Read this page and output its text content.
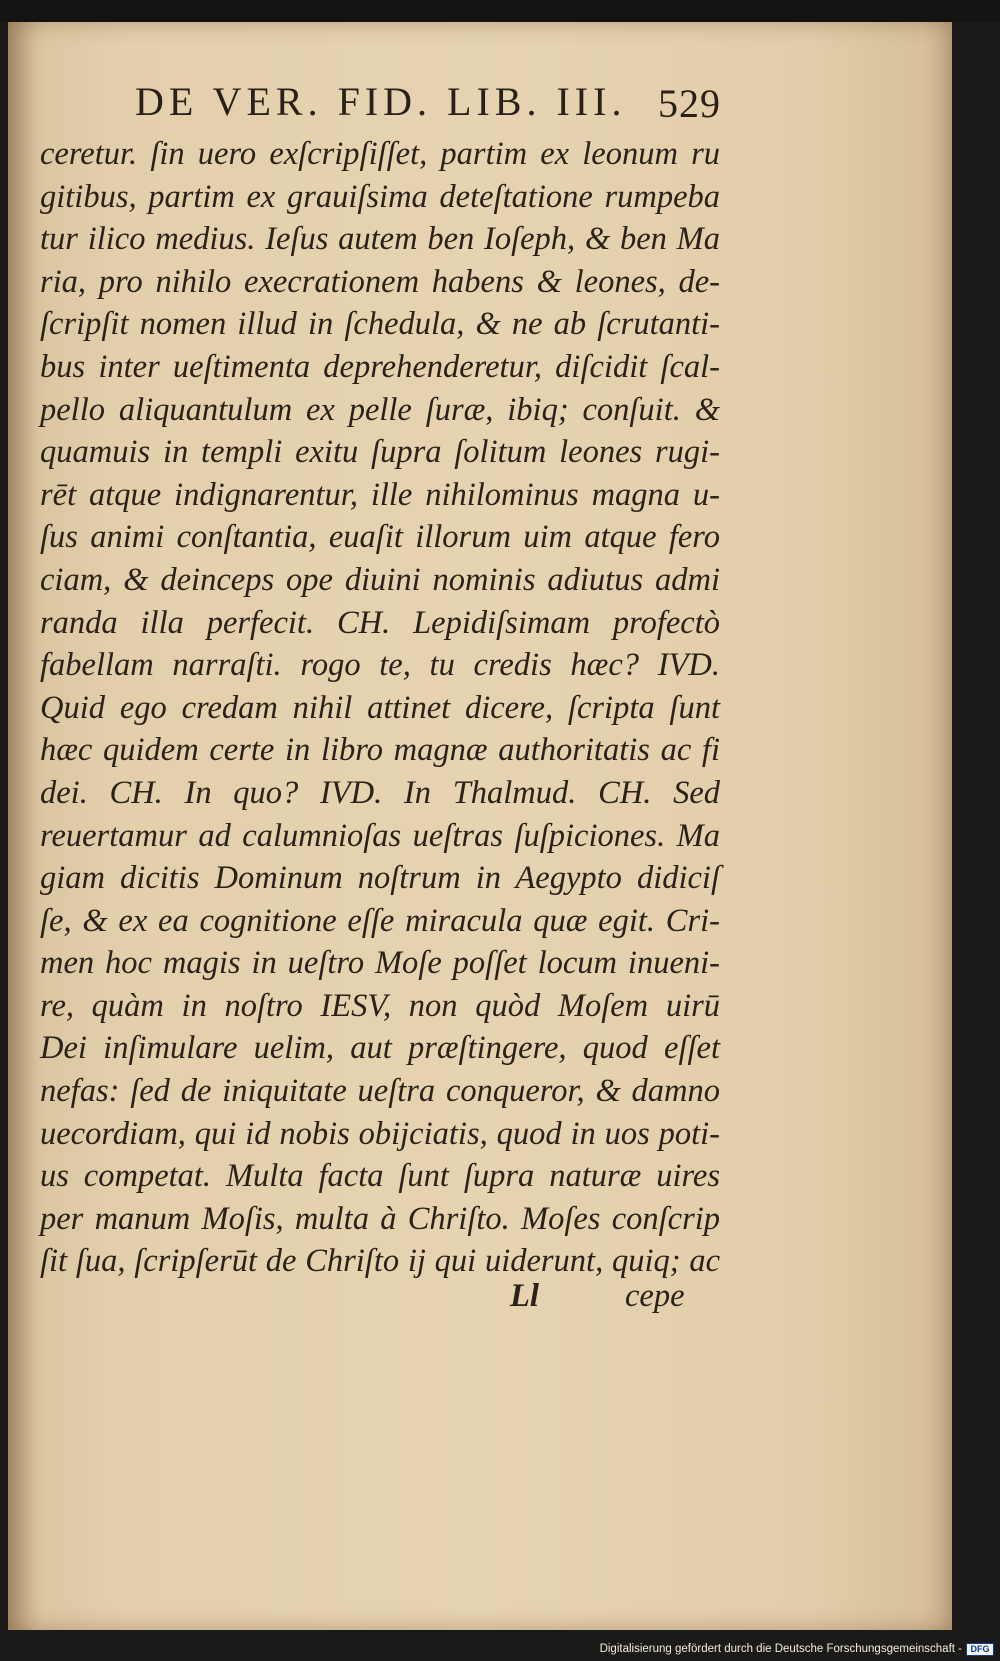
DE VER. FID. LIB. III. 529
ceretur. ſin uero exſcripſiſſet, partim ex leonum ru
gitibus, partim ex grauiſsima deteſtatione rumpeba
tur ilico medius. Ieſus autem ben Ioſeph, & ben Ma
ria, pro nihilo execrationem habens & leones, de-
ſcripſit nomen illud in ſchedula, & ne ab ſcrutanti-
bus inter ueſtimenta deprehenderetur, diſcidit ſcal-
pello aliquantulum ex pelle ſuræ, ibiq; conſuit. &
quamuis in templi exitu ſupra ſolitum leones rugi-
rēt atque indignarentur, ille nihilominus magna u-
ſus animi conſtantia, euaſit illorum uim atque fero
ciam, & deinceps ope diuini nominis adiutus admi
randa illa perfecit. CH. Lepidiſsimam profectò
fabellam narraſti. rogo te, tu credis hæc? IVD.
Quid ego credam nihil attinet dicere, ſcripta ſunt
hæc quidem certe in libro magnæ authoritatis ac fi
dei. CH. In quo? IVD. In Thalmud. CH. Sed
reuertamur ad calumnioſas ueſtras ſuſpiciones. Ma
giam dicitis Dominum noſtrum in Aegypto didiciſ
ſe, & ex ea cognitione eſſe miracula quæ egit. Cri-
men hoc magis in ueſtro Moſe poſſet locum inueni-
re, quàm in noſtro IESV, non quòd Moſem uirū
Dei inſimulare uelim, aut præſtingere, quod eſſet
nefas: ſed de iniquitate ueſtra conqueror, & damno
uecordiam, qui id nobis obijciatis, quod in uos poti-
us competat. Multa facta ſunt ſupra naturæ uires
per manum Moſis, multa à Chriſto. Moſes conſcrip
ſit ſua, ſcripſerūt de Chriſto ij qui uiderunt, quiq; ac
Ll	cepe
Digitalisierung gefördert durch die Deutsche Forschungsgemeinschaft - DFG
